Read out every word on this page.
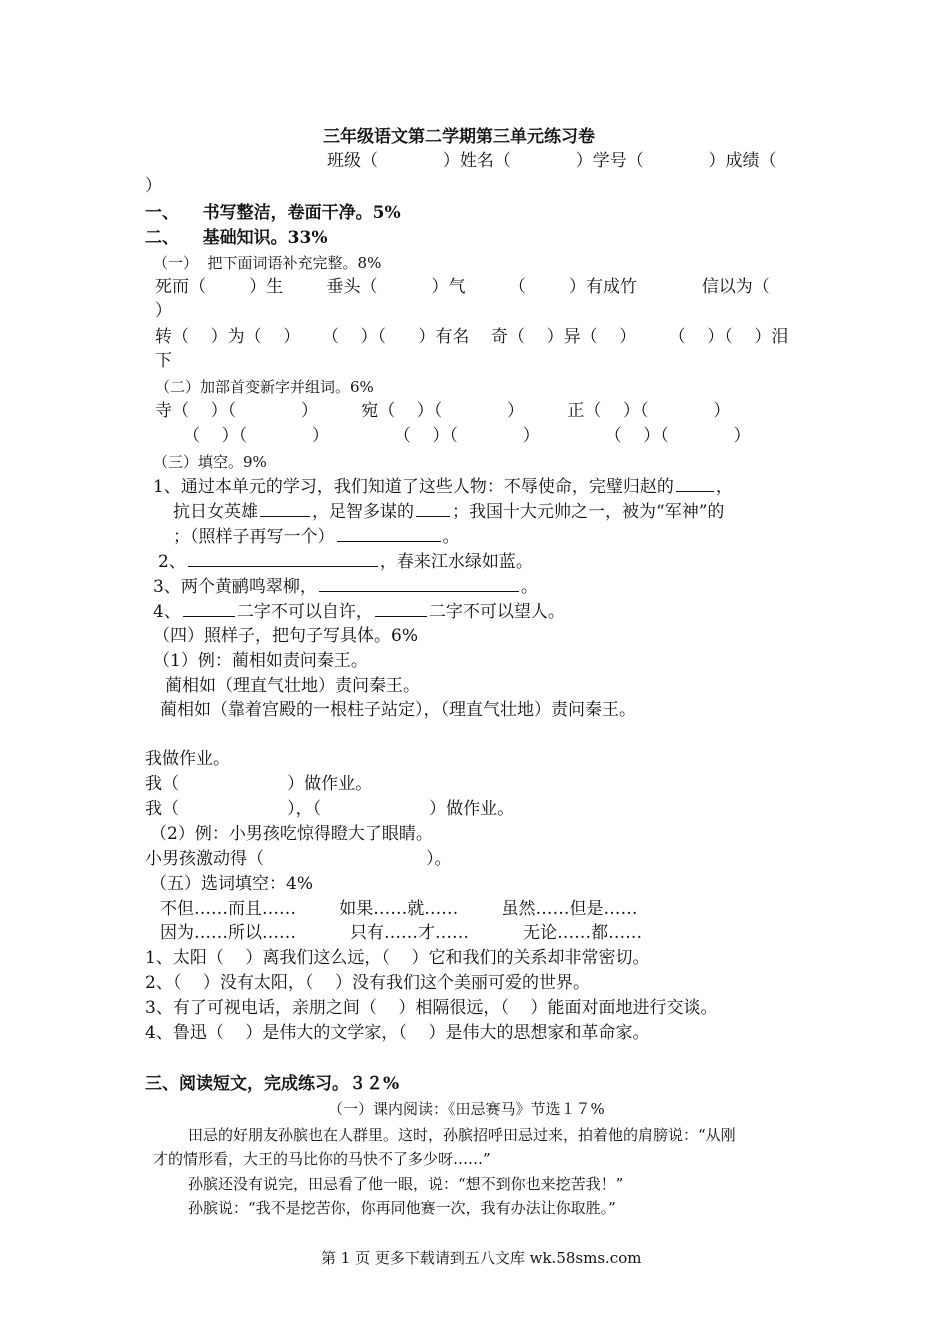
三年级语文第二学期第三单元练习卷
班级（            ）姓名（            ）学号（            ）成绩（
）
一、    书写整洁，卷面干净。5%
二、    基础知识。33%
（一）  把下面词语补充完整。8%
死而（        ）生        垂头（          ）气        （        ）有成竹            信以为（
）
转（    ）为（    ）    （    ）（      ）有名    奇（    ）异（    ）      （    ）（    ）泪
下
（二）加部首变新字并组词。6%
寺（    ）（            ）        宛（    ）（            ）        正（    ）（            ）
（    ）（            ）            （    ）（            ）            （    ）（            ）
（三）填空。9%
1、通过本单元的学习，我们知道了这些人物：不辱使命，完璧归赵的 ，
抗日女英雄	，足智多谋的 ；我国十大元帅之一，被为“军神”的
；（照样子再写一个）	。
2、	，春来江水绿如蓝。
3、两个黄鹂鸣翠柳，	。
4、	二字不可以自许，	二字不可以望人。
（四）照样子，把句子写具体。6%
（1）例：蔺相如责问秦王。
蔺相如（理直气壮地）责问秦王。
蔺相如（靠着宫殿的一根柱子站定），（理直气壮地）责问秦王。
我做作业。
我（                    ）做作业。
我（                    ），（                    ）做作业。
（2）例：小男孩吃惊得瞪大了眼睛。
小男孩激动得（                              ）。
（五）选词填空：4%
不但……而且……        如果……就……        虽然……但是……
因为……所以……          只有……才……          无论……都……
1、太阳（    ）离我们这么远，（    ）它和我们的关系却非常密切。
2、（    ）没有太阳，（    ）没有我们这个美丽可爱的世界。
3、有了可视电话，亲朋之间（    ）相隔很远，（    ）能面对面地进行交谈。
4、鲁迅（    ）是伟大的文学家，（    ）是伟大的思想家和革命家。
三、阅读短文，完成练习。３２%
（一）课内阅读：《田忌赛马》节选１７%
田忌的好朋友孙膑也在人群里。这时，孙膑招呼田忌过来，拍着他的肩膀说：“从刚
才的情形看，大王的马比你的马快不了多少呀……”
孙膑还没有说完，田忌看了他一眼，说：“想不到你也来挖苦我！”
孙膑说：“我不是挖苦你，你再同他赛一次，我有办法让你取胜。”
第 1 页 更多下载请到五八文库 wk.58sms.com
